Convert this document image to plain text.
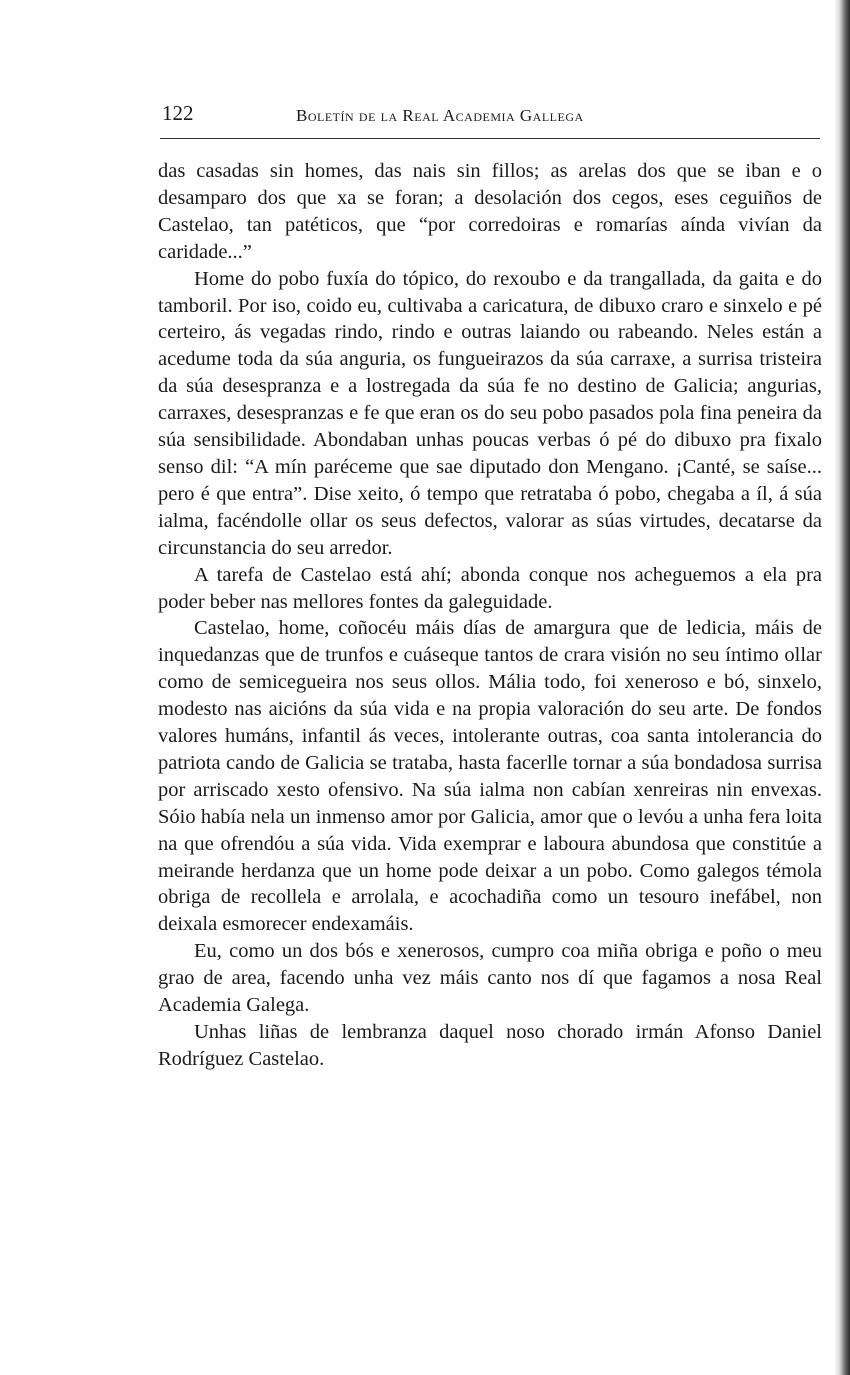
122	Boletín de la Real Academia Gallega

das casadas sin homes, das nais sin fillos; as arelas dos que se iban e o desamparo dos que xa se foran; a desolación dos cegos, eses ceguiños de Castelao, tan patéticos, que “por corredoiras e romarías aínda vivían da caridade...”

Home do pobo fuxía do tópico, do rexoubo e da trangallada, da gaita e do tamboril. Por iso, coido eu, cultivaba a caricatura, de dibuxo craro e sinxelo e pé certeiro, ás vegadas rindo, rindo e outras laiando ou rabeando. Neles están a acedume toda da súa anguria, os fungueirazos da súa carraxe, a surrisa tristeira da súa desespranza e a lostregada da súa fe no destino de Galicia; angurias, carraxes, desespranzas e fe que eran os do seu pobo pasados pola fina peneira da súa sensibilidade. Abondaban unhas poucas verbas ó pé do dibuxo pra fixalo senso dil: “A mín paréceme que sae diputado don Mengano. ¡Canté, se saíse... pero é que entra”. Dise xeito, ó tempo que retrataba ó pobo, chegaba a íl, á súa ialma, facéndolle ollar os seus defectos, valorar as súas virtudes, decatarse da circunstancia do seu arredor.

A tarefa de Castelao está ahí; abonda conque nos acheguemos a ela pra poder beber nas mellores fontes da galeguidade.

Castelao, home, coñocéu máis días de amargura que de ledicia, máis de inquedanzas que de trunfos e cuáseque tantos de crara visión no seu íntimo ollar como de semicegueira nos seus ollos. Mália todo, foi xeneroso e bó, sinxelo, modesto nas aicións da súa vida e na propia valoración do seu arte. De fondos valores humáns, infantil ás veces, intolerante outras, coa santa intolerancia do patriota cando de Galicia se trataba, hasta facerlle tornar a súa bondadosa surrisa por arriscado xesto ofensivo. Na súa ialma non cabían xenreiras nin envexas. Sóio había nela un inmenso amor por Galicia, amor que o levóu a unha fera loita na que ofrendóu a súa vida. Vida exemprar e laboura abundosa que constitúe a meirande herdanza que un home pode deixar a un pobo. Como galegos témola obriga de recollela e arrolala, e acochadiña como un tesouro inefábel, non deixala esmorecer endexamáis.

Eu, como un dos bós e xenerosos, cumpro coa miña obriga e poño o meu grao de area, facendo unha vez máis canto nos dí que fagamos a nosa Real Academia Galega.

Unhas liñas de lembranza daquel noso chorado irmán Afonso Daniel Rodríguez Castelao.
